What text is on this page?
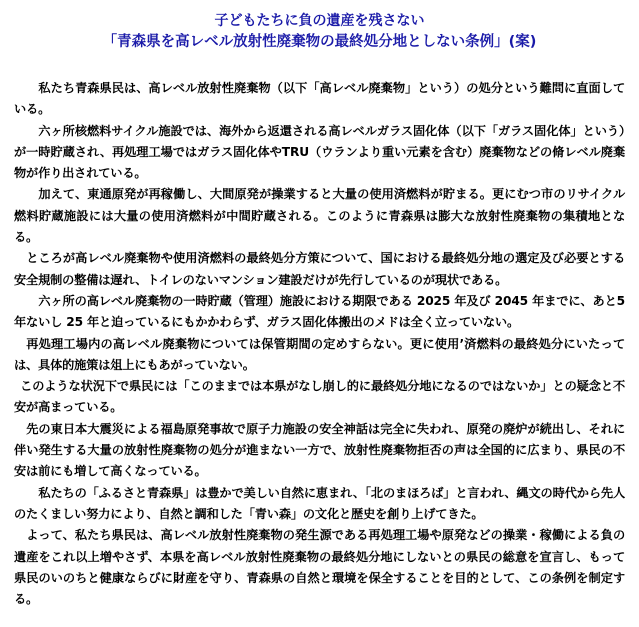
子どもたちに負の遺産を残さない

「青森県を高レベル放射性廃棄物の最終処分地としない条例」(案)

私たち青森県民は、高レベル放射性廃棄物（以下「高レベル廃棄物」という）の処分という難問に直面している。

六ヶ所核燃料サイクル施設では、海外から返還される高レベルガラス固化体（以下「ガラス固化体」という）が一時貯蔵され、再処理工場ではガラス固化体やTRU（ウランより重い元素を含む）廃棄物などの脩レベル廃棄物が作り出されている。

加えて、東通原発が再稼働し、大間原発が操業すると大量の使用済燃料が貯まる。更にむつ市のリサイクル燃料貯蔵施設には大量の使用済燃料が中間貯蔵される。このように青森県は膨大な放射性廃棄物の集積地となる。

ところが高レベル廃棄物や使用済燃料の最終処分方策について、国における最終処分地の選定及び必要とする安全規制の整備は遅れ、トイレのないマンション建設だけが先行しているのが現状である。

六ヶ所の高レベル廃棄物の一時貯蔵（管理）施設における期限である 2025 年及び 2045 年までに、あと5年ないし 25 年と迫っているにもかかわらず、ガラス固化体搬出のメドは全く立っていない。

再処理工場内の高レベル廃棄物については保管期間の定めすらない。更に使用’済燃料の最終処分にいたっては、具体的施策は俎上にもあがっていない。

このような状況下で県民には「このままでは本県がなし崩し的に最終処分地になるのではないか」との疑念と不安が高まっている。

先の東日本大震災による福島原発事故で原子力施設の安全神話は完全に失われ、原発の廃炉が続出し、それに伴い発生する大量の放射性廃棄物の処分が進まない一方で、放射性廃棄物拒否の声は全国的に広まり、県民の不安は前にも増して高くなっている。

私たちの「ふるさと青森県」は豊かで美しい自然に恵まれ、「北のまほろば」と言われ、縄文の時代から先人のたくましい努力により、自然と調和した「青い森」の文化と歴史を創り上げてきた。

よって、私たち県民は、高レベル放射性廃棄物の発生源である再処理工場や原発などの操業・稼働による負の遺産をこれ以上増やさず、本県を高レベル放射性廃棄物の最終処分地にしないとの県民の総意を宣言し、もって県民のいのちと健康ならびに財産を守り、青森県の自然と環境を保全することを目的として、この条例を制定する。
